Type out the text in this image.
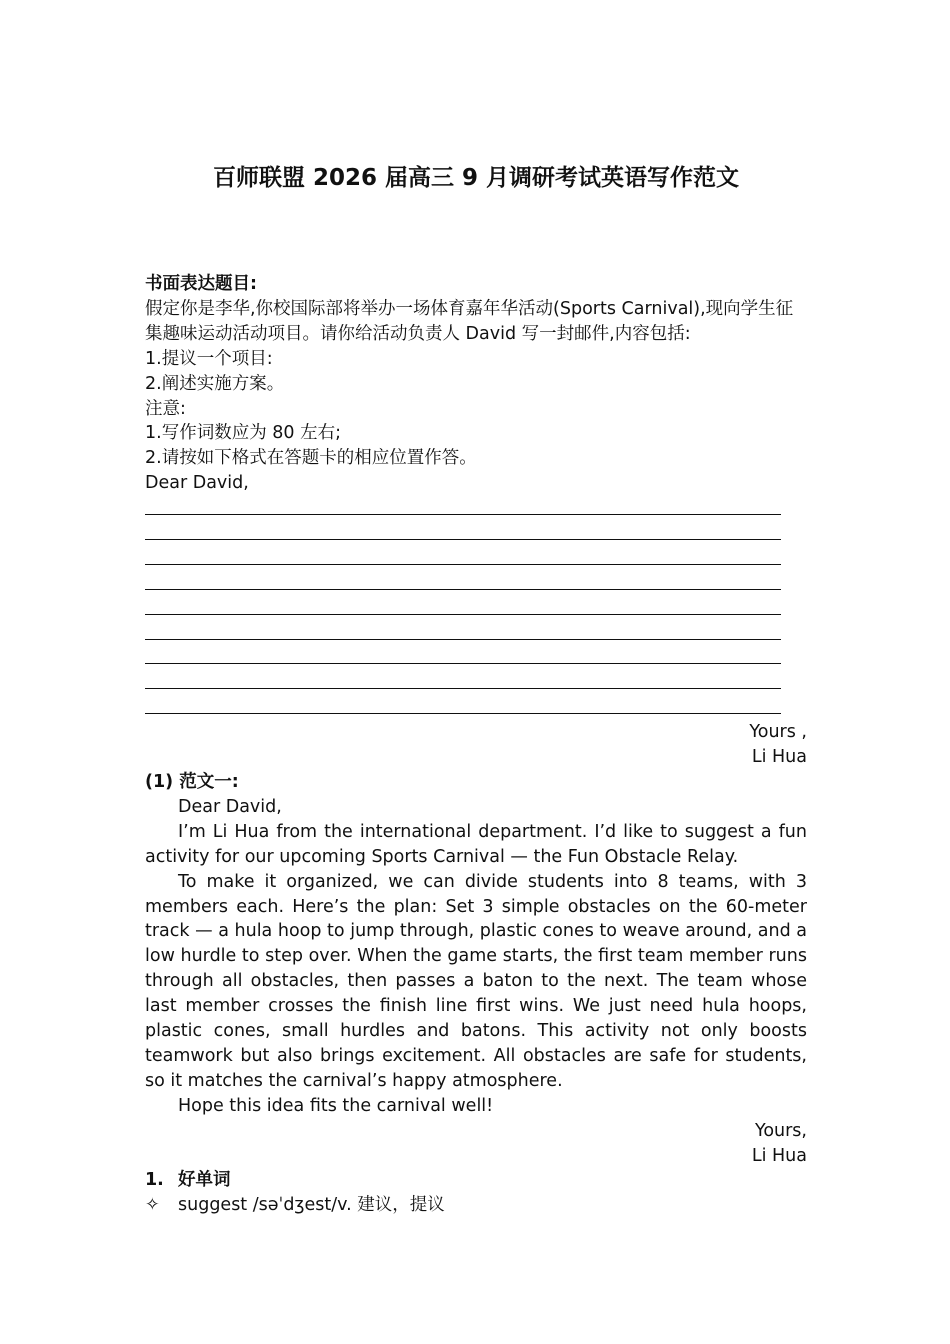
百师联盟 2026 届高三 9 月调研考试英语写作范文
书面表达题目:
假定你是李华,你校国际部将举办一场体育嘉年华活动(Sports Carnival),现向学生征集趣味运动活动项目。请你给活动负责人 David 写一封邮件,内容包括:
1.提议一个项目:
2.阐述实施方案。
注意:
1.写作词数应为 80 左右;
2.请按如下格式在答题卡的相应位置作答。
Dear David,
Yours ,
Li Hua
(1) 范文一:
Dear David,

I’m Li Hua from the international department. I’d like to suggest a fun activity for our upcoming Sports Carnival — the Fun Obstacle Relay.

To make it organized, we can divide students into 8 teams, with 3 members each. Here’s the plan: Set 3 simple obstacles on the 60-meter track — a hula hoop to jump through, plastic cones to weave around, and a low hurdle to step over. When the game starts, the first team member runs through all obstacles, then passes a baton to the next. The team whose last member crosses the finish line first wins. We just need hula hoops, plastic cones, small hurdles and batons. This activity not only boosts teamwork but also brings excitement. All obstacles are safe for students, so it matches the carnival’s happy atmosphere.

Hope this idea fits the carnival well!

Yours,
Li Hua
1. 好单词
✧ suggest /səˈdʒest/v. 建议，提议
